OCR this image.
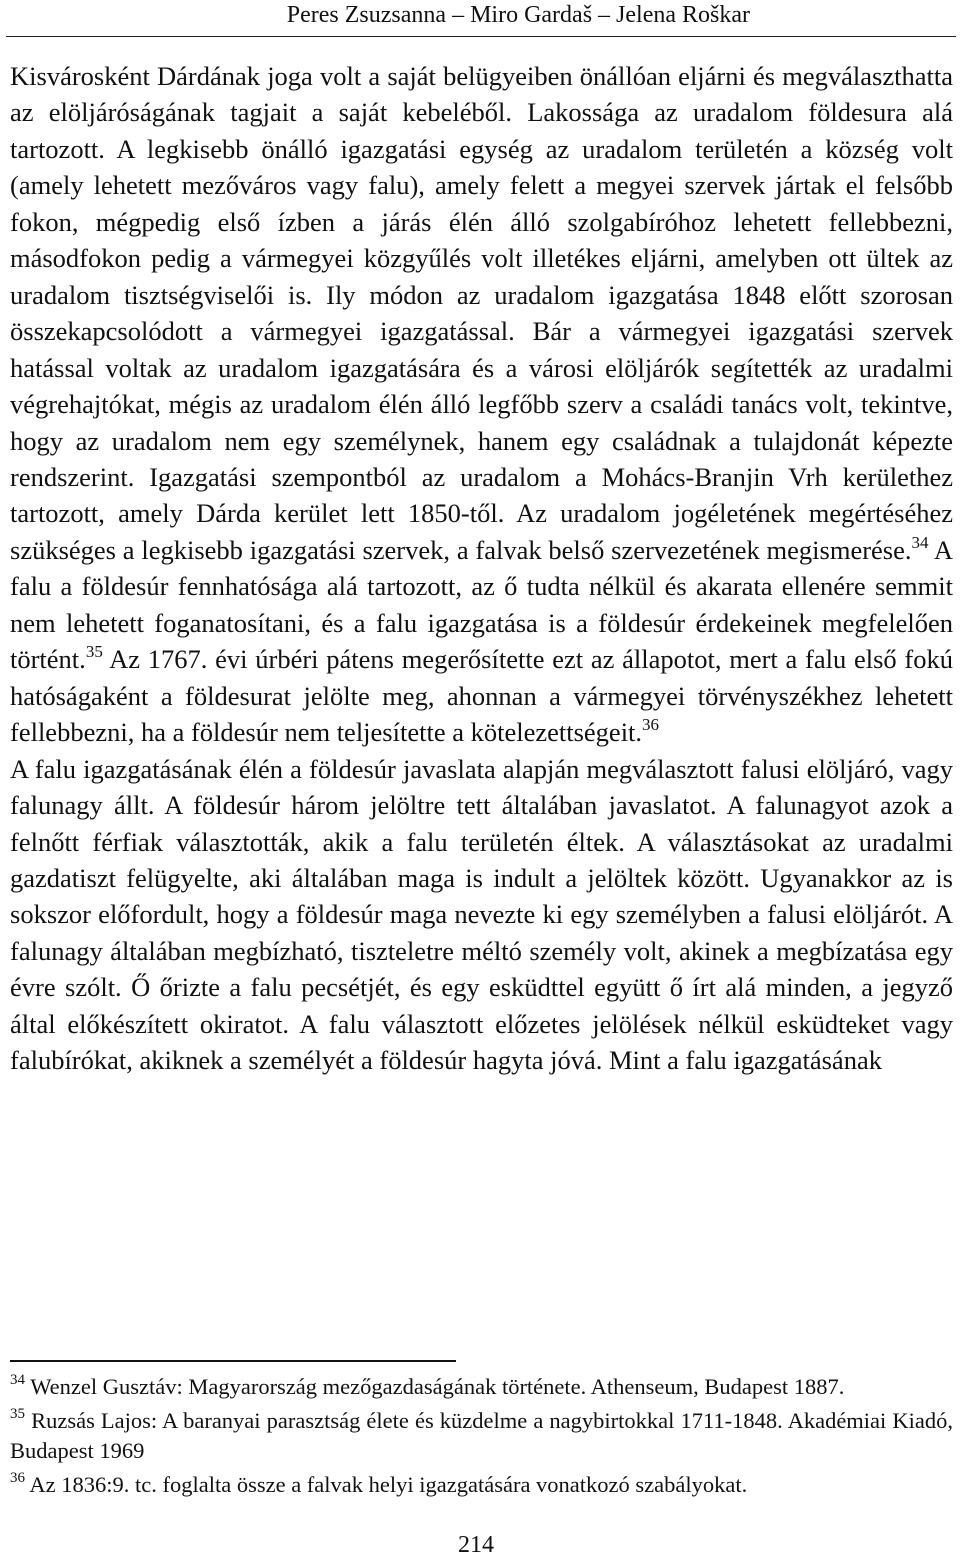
Peres Zsuzsanna – Miro Gardaš – Jelena Roškar

Kisvárosként Dárdának joga volt a saját belügyeiben önállóan eljárni és megválaszthatta az elöljáróságának tagjait a saját kebeléből. Lakossága az uradalom földesura alá tartozott. A legkisebb önálló igazgatási egység az uradalom területén a község volt (amely lehetett mezőváros vagy falu), amely felett a megyei szervek jártak el felsőbb fokon, mégpedig első ízben a járás élén álló szolgabíróhoz lehetett fellebbezni, másodfokon pedig a vármegyei közgyűlés volt illetékes eljárni, amelyben ott ültek az uradalom tisztségviselői is. Ily módon az uradalom igazgatása 1848 előtt szorosan összekapcsolódott a vármegyei igazgatással. Bár a vármegyei igazgatási szervek hatással voltak az uradalom igazgatására és a városi elöljárók segítették az uradalmi végrehajtókat, mégis az uradalom élén álló legfőbb szerv a családi tanács volt, tekintve, hogy az uradalom nem egy személynek, hanem egy családnak a tulajdonát képezte rendszerint. Igazgatási szempontból az uradalom a Mohács-Branjin Vrh kerülethez tartozott, amely Dárda kerület lett 1850-től. Az uradalom jogéletének megértéséhez szükséges a legkisebb igazgatási szervek, a falvak belső szervezetének megismerése.$^{34}$ A falu a földesúr fennhatósága alá tartozott, az ő tudta nélkül és akarata ellenére semmit nem lehetett foganatosítani, és a falu igazgatása is a földesúr érdekeinek megfelelően történt.$^{35}$ Az 1767. évi úrbéri pátens megerősítette ezt az állapotot, mert a falu első fokú hatóságaként a földesurat jelölte meg, ahonnan a vármegyei törvényszékhez lehetett fellebbezni, ha a földesúr nem teljesítette a kötelezettségeit.$^{36}$

A falu igazgatásának élén a földesúr javaslata alapján megválasztott falusi elöljáró, vagy falunagy állt. A földesúr három jelöltre tett általában javaslatot. A falunagyot azok a felnőtt férfiak választották, akik a falu területén éltek. A választásokat az uradalmi gazdatiszt felügyelte, aki általában maga is indult a jelöltek között. Ugyanakkor az is sokszor előfordult, hogy a földesúr maga nevezte ki egy személyben a falusi elöljárót. A falunagy általában megbízható, tiszteletre méltó személy volt, akinek a megbízatása egy évre szólt. Ő őrizte a falu pecsétjét, és egy esküdttel együtt ő írt alá minden, a jegyző által előkészített okiratot. A falu választott előzetes jelölések nélkül esküdteket vagy falubírókat, akiknek a személyét a földesúr hagyta jóvá. Mint a falu igazgatásának

$^{34}$ Wenzel Gusztáv: Magyarország mezőgazdaságának története. Athenseum, Budapest 1887.

$^{35}$ Ruzsás Lajos: A baranyai parasztság élete és küzdelme a nagybirtokkal 1711-1848. Akadémiai Kiadó, Budapest 1969

$^{36}$ Az 1836:9. tc. foglalta össze a falvak helyi igazgatására vonatkozó szabályokat.

214
